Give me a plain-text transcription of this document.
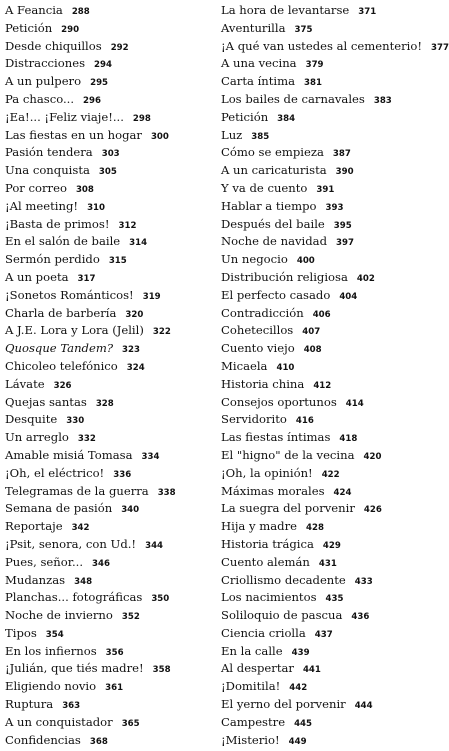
A Feancia 288
Petición 290
Desde chiquillos 292
Distracciones 294
A un pulpero 295
Pa chasco... 296
¡Ea!... ¡Feliz viaje!... 298
Las fiestas en un hogar 300
Pasión tendera 303
Una conquista 305
Por correo 308
¡Al meeting! 310
¡Basta de primos! 312
En el salón de baile 314
Sermón perdido 315
A un poeta 317
¡Sonetos Románticos! 319
Charla de barbería 320
A J.E. Lora y Lora (Jelil) 322
Quosque Tandem? 323
Chicoleo telefónico 324
Lávate 326
Quejas santas 328
Desquite 330
Un arreglo 332
Amable misiá Tomasa 334
¡Oh, el eléctrico! 336
Telegramas de la guerra 338
Semana de pasión 340
Reportaje 342
¡Psit, senora, con Ud.! 344
Pues, señor... 346
Mudanzas 348
Planchas... fotográficas 350
Noche de invierno 352
Tipos 354
En los infiernos 356
¡Julián, que tiés madre! 358
Eligiendo novio 361
Ruptura 363
A un conquistador 365
Confidencias 368
La hora de levantarse 371
Aventurilla 375
¡A qué van ustedes al cementerio! 377
A una vecina 379
Carta íntima 381
Los bailes de carnavales 383
Petición 384
Luz 385
Cómo se empieza 387
A un caricaturista 390
Y va de cuento 391
Hablar a tiempo 393
Después del baile 395
Noche de navidad 397
Un negocio 400
Distribución religiosa 402
El perfecto casado 404
Contradicción 406
Cohetecillos 407
Cuento viejo 408
Micaela 410
Historia china 412
Consejos oportunos 414
Servidorito 416
Las fiestas íntimas 418
El "higno" de la vecina 420
¡Oh, la opinión! 422
Máximas morales 424
La suegra del porvenir 426
Hija y madre 428
Historia trágica 429
Cuento alemán 431
Criollismo decadente 433
Los nacimientos 435
Soliloquio de pascua 436
Ciencia criolla 437
En la calle 439
Al despertar 441
¡Domitila! 442
El yerno del porvenir 444
Campestre 445
¡Misterio! 449
